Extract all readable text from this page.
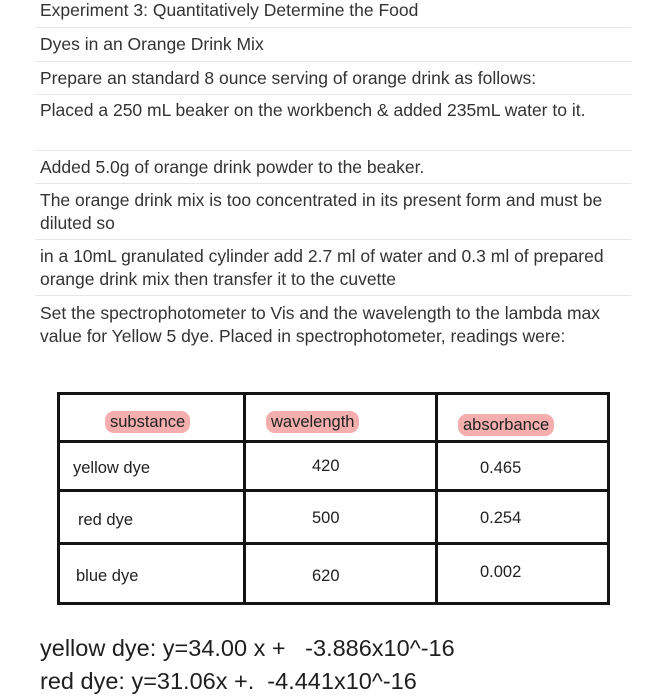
Experiment 3: Quantitatively Determine the Food

Dyes in an Orange Drink Mix

Prepare an standard 8 ounce serving of orange drink as follows:

Placed a 250 mL beaker on the workbench & added 235mL water to it.

Added 5.0g of orange drink powder to the beaker.

The orange drink mix is too concentrated in its present form and must be diluted so

in a 10mL granulated cylinder add 2.7 ml of water and 0.3 ml of prepared orange drink mix then transfer it to the cuvette

Set the spectrophotometer to Vis and the wavelength to the lambda max value for Yellow 5 dye. Placed in spectrophotometer, readings were:

substance	wavelength	absorbance
yellow dye	420	0.465
red dye	500	0.254
blue dye	620	0.002
yellow dye: y=34.00 x +   -3.886x10^-16
red dye: y=31.06x +.  -4.441x10^-16
